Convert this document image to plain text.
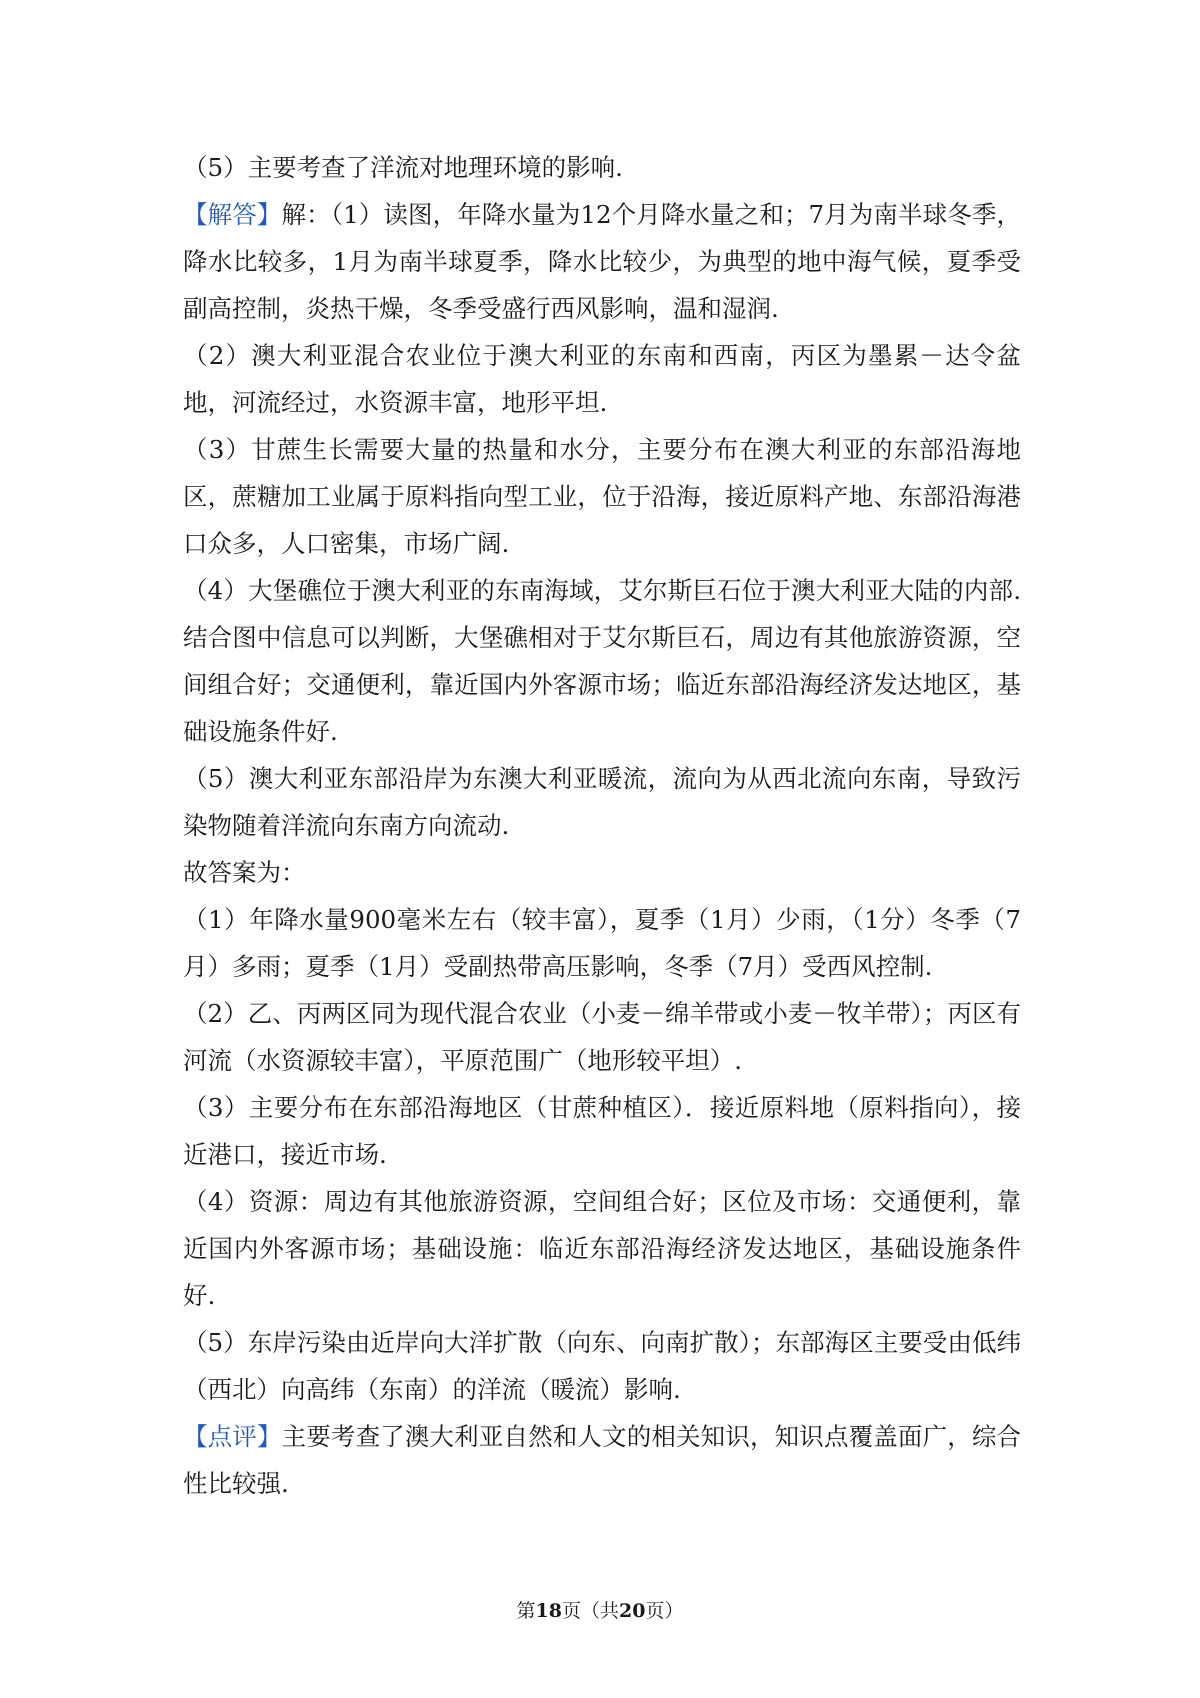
（5）主要考查了洋流对地理环境的影响.

【解答】解：（1）读图，年降水量为12个月降水量之和；7月为南半球冬季，降水比较多，1月为南半球夏季，降水比较少，为典型的地中海气候，夏季受副高控制，炎热干燥，冬季受盛行西风影响，温和湿润.

（2）澳大利亚混合农业位于澳大利亚的东南和西南，丙区为墨累－达令盆地，河流经过，水资源丰富，地形平坦.

（3）甘蔗生长需要大量的热量和水分，主要分布在澳大利亚的东部沿海地区，蔗糖加工业属于原料指向型工业，位于沿海，接近原料产地、东部沿海港口众多，人口密集，市场广阔.

（4）大堡礁位于澳大利亚的东南海域，艾尔斯巨石位于澳大利亚大陆的内部.结合图中信息可以判断，大堡礁相对于艾尔斯巨石，周边有其他旅游资源，空间组合好；交通便利，靠近国内外客源市场；临近东部沿海经济发达地区，基础设施条件好.

（5）澳大利亚东部沿岸为东澳大利亚暖流，流向为从西北流向东南，导致污染物随着洋流向东南方向流动.

故答案为：

（1）年降水量900毫米左右（较丰富），夏季（1月）少雨，（1分）冬季（7月）多雨；夏季（1月）受副热带高压影响，冬季（7月）受西风控制.

（2）乙、丙两区同为现代混合农业（小麦－绵羊带或小麦－牧羊带）；丙区有河流（水资源较丰富），平原范围广（地形较平坦）.

（3）主要分布在东部沿海地区（甘蔗种植区）．接近原料地（原料指向），接近港口，接近市场.

（4）资源：周边有其他旅游资源，空间组合好；区位及市场：交通便利，靠近国内外客源市场；基础设施：临近东部沿海经济发达地区，基础设施条件好.

（5）东岸污染由近岸向大洋扩散（向东、向南扩散）；东部海区主要受由低纬（西北）向高纬（东南）的洋流（暖流）影响.

【点评】主要考查了澳大利亚自然和人文的相关知识，知识点覆盖面广，综合性比较强.

第18页（共20页）
